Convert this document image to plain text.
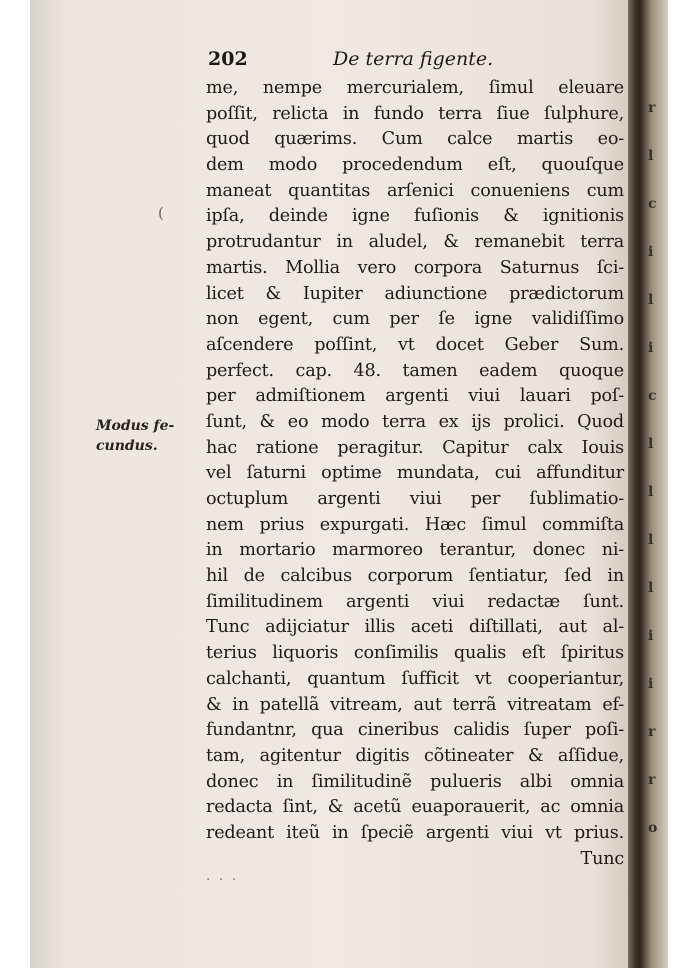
r
l
c
i
l
i
c
l
l
l
l
i
i
r
r
o
202	De terra figente.
Modus fe-
cundus.
(
me, nempe mercurialem, ſimul eleuare
poſſit, relicta in fundo terra ſiue ſulphure,
quod quærims. Cum calce martis eo-
dem modo procedendum eſt, quouſque
maneat quantitas arſenici conueniens cum
ipſa, deinde igne fuſionis & ignitionis
protrudantur in aludel, & remanebit terra
martis. Mollia vero corpora Saturnus ſci-
licet & Iupiter adiunctione prædictorum
non egent, cum per ſe igne validiſſimo
aſcendere poſſint, vt docet Geber Sum.
perfect. cap. 48. tamen eadem quoque
per admiſtionem argenti viui lauari poſ-
ſunt, & eo modo terra ex ijs prolici. Quod
hac ratione peragitur. Capitur calx Iouis
vel ſaturni optime mundata, cui affunditur
octuplum argenti viui per ſublimatio-
nem prius expurgati. Hæc ſimul commiſta
in mortario marmoreo terantur, donec ni-
hil de calcibus corporum ſentiatur, ſed in
ſimilitudinem argenti viui redactæ ſunt.
Tunc adijciatur illis aceti diſtillati, aut al-
terius liquoris conſimilis qualis eſt ſpiritus
calchanti, quantum ſufficit vt cooperiantur,
& in patellã vitream, aut terrã vitreatam ef-
fundantnr, qua cineribus calidis ſuper poſi-
tam, agitentur digitis cõtineater & aſſidue,
donec in ſimilitudinẽ pulueris albi omnia
redacta ſint, & acetũ euaporauerit, ac omnia
redeant iteũ in ſpeciẽ argenti viui vt prius.
Tunc
· · ·
